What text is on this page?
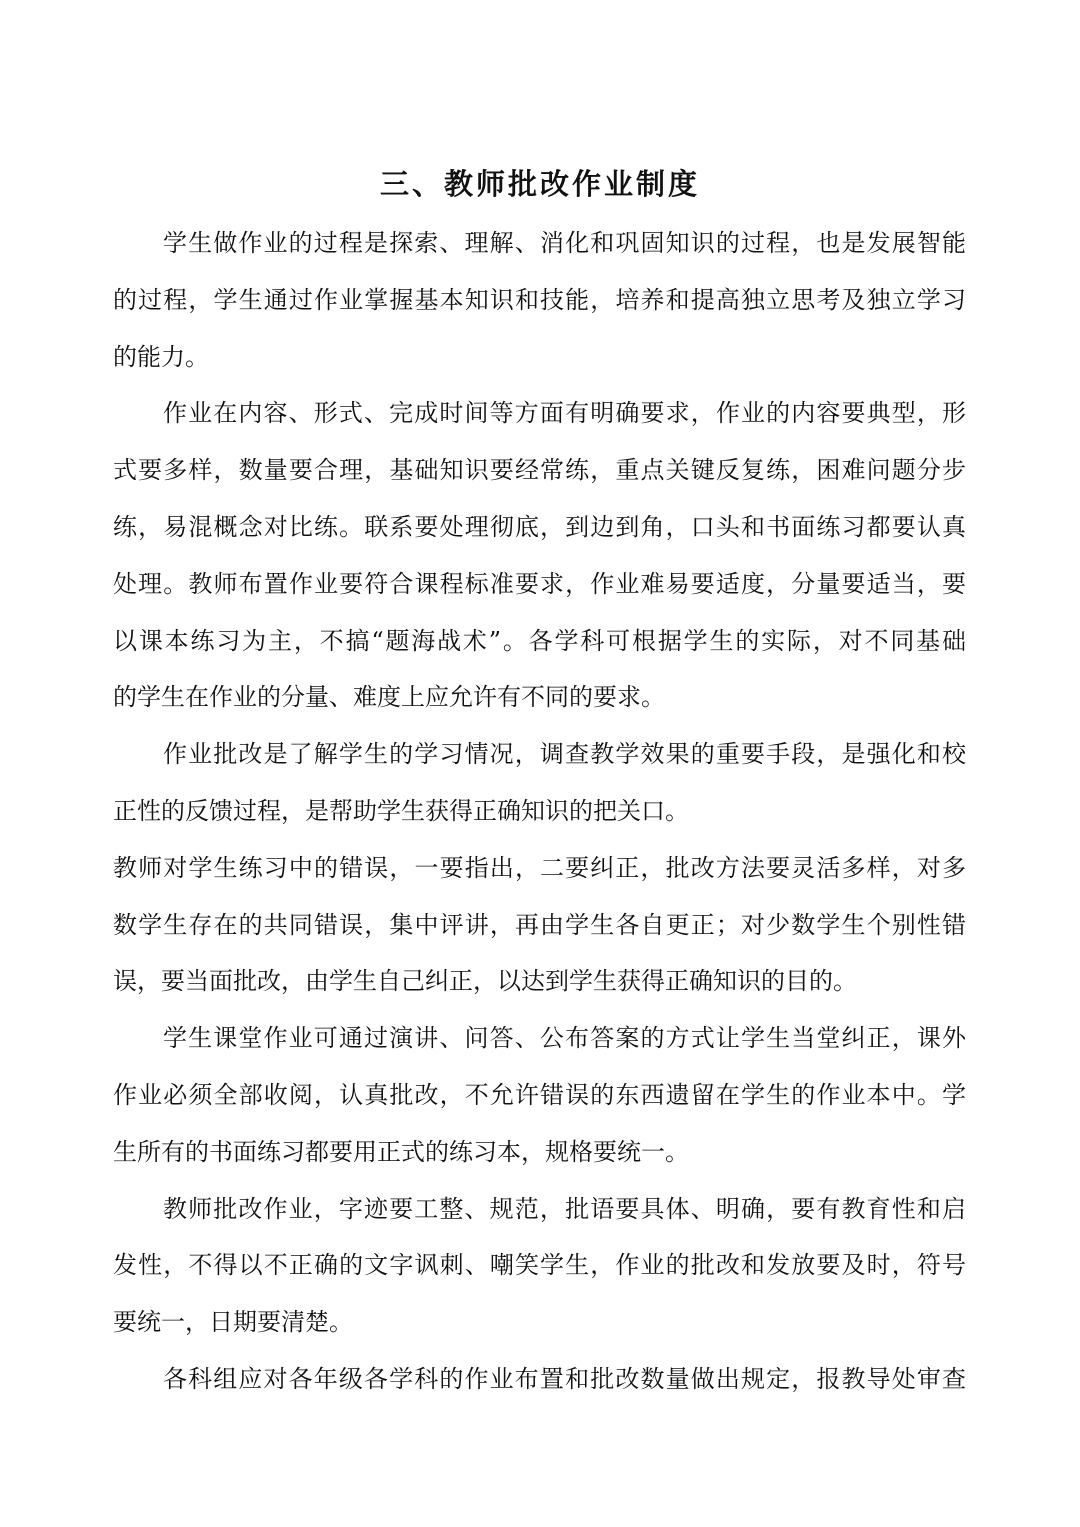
三、教师批改作业制度
学生做作业的过程是探索、理解、消化和巩固知识的过程，也是发展智能
的过程，学生通过作业掌握基本知识和技能，培养和提高独立思考及独立学习
的能力。
作业在内容、形式、完成时间等方面有明确要求，作业的内容要典型，形
式要多样，数量要合理，基础知识要经常练，重点关键反复练，困难问题分步
练，易混概念对比练。联系要处理彻底，到边到角，口头和书面练习都要认真
处理。教师布置作业要符合课程标准要求，作业难易要适度，分量要适当，要
以课本练习为主，不搞“题海战术”。各学科可根据学生的实际，对不同基础
的学生在作业的分量、难度上应允许有不同的要求。
作业批改是了解学生的学习情况，调查教学效果的重要手段，是强化和校
正性的反馈过程，是帮助学生获得正确知识的把关口。
教师对学生练习中的错误，一要指出，二要纠正，批改方法要灵活多样，对多
数学生存在的共同错误，集中评讲，再由学生各自更正；对少数学生个别性错
误，要当面批改，由学生自己纠正，以达到学生获得正确知识的目的。
学生课堂作业可通过演讲、问答、公布答案的方式让学生当堂纠正，课外
作业必须全部收阅，认真批改，不允许错误的东西遗留在学生的作业本中。学
生所有的书面练习都要用正式的练习本，规格要统一。
教师批改作业，字迹要工整、规范，批语要具体、明确，要有教育性和启
发性，不得以不正确的文字讽刺、嘲笑学生，作业的批改和发放要及时，符号
要统一，日期要清楚。
各科组应对各年级各学科的作业布置和批改数量做出规定，报教导处审查
